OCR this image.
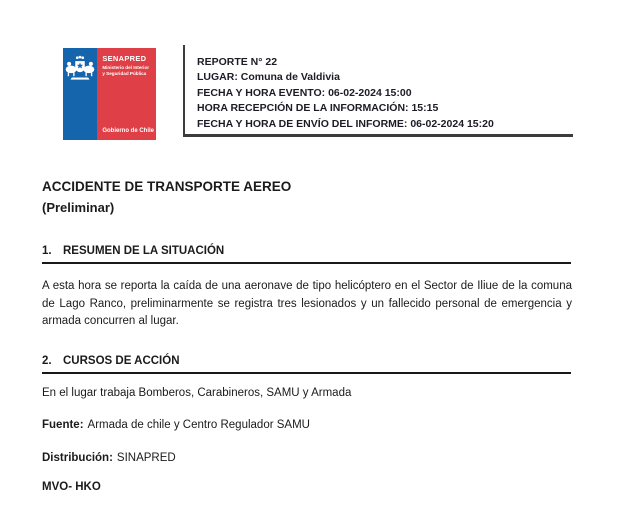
SENAPRED
Ministerio del Interior
y Seguridad Pública
Gobierno de Chile
REPORTE N° 22
LUGAR: Comuna de Valdivia
FECHA Y HORA EVENTO: 06-02-2024 15:00
HORA RECEPCIÓN DE LA INFORMACIÓN: 15:15
FECHA Y HORA DE ENVÍO DEL INFORME: 06-02-2024 15:20
ACCIDENTE DE TRANSPORTE AEREO
(Preliminar)
1. RESUMEN DE LA SITUACIÓN

A esta hora se reporta la caída de una aeronave de tipo helicóptero en el Sector de Iliue de la comuna de Lago Ranco, preliminarmente se registra tres lesionados y un fallecido personal de emergencia y armada concurren al lugar.

2. CURSOS DE ACCIÓN
En el lugar trabaja Bomberos, Carabineros, SAMU y Armada
Fuente: Armada de chile y Centro Regulador SAMU
Distribución: SINAPRED
MVO- HKO
